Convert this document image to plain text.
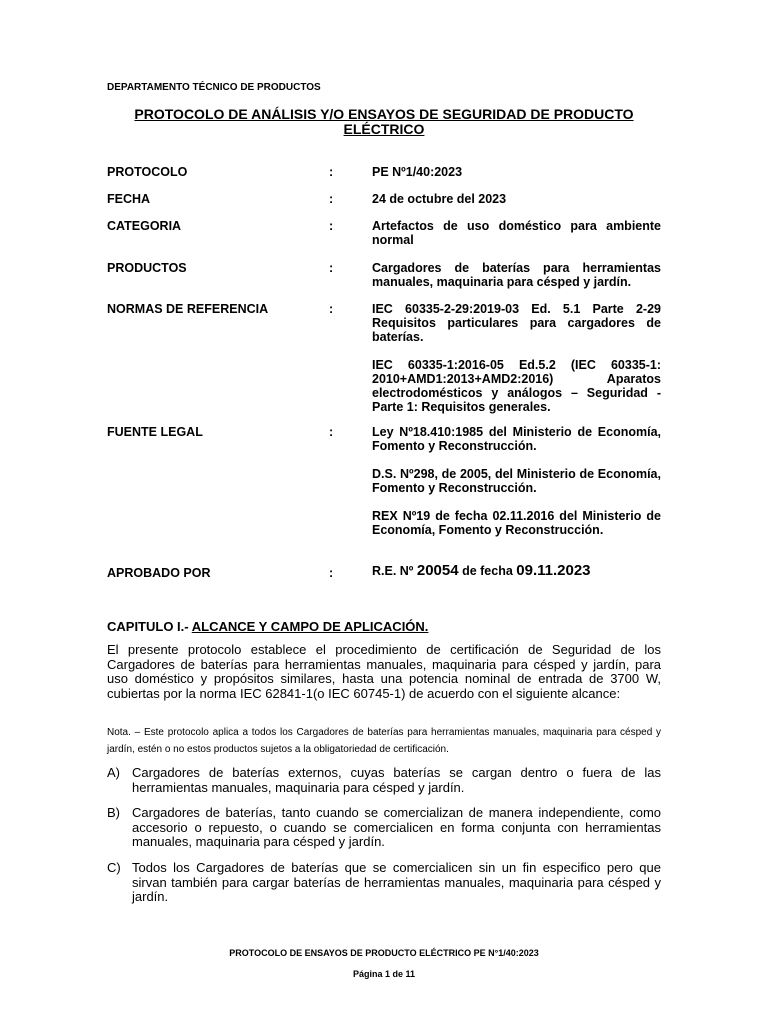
DEPARTAMENTO TÉCNICO DE PRODUCTOS
PROTOCOLO DE ANÁLISIS Y/O ENSAYOS DE SEGURIDAD DE PRODUCTO ELÉCTRICO
PROTOCOLO	:	PE Nº1/40:2023
FECHA	:	24 de octubre del 2023
CATEGORIA	:	Artefactos de uso doméstico para ambiente normal
PRODUCTOS	:	Cargadores de baterías para herramientas manuales, maquinaria para césped y jardín.
NORMAS DE REFERENCIA	:	IEC 60335-2-29:2019-03 Ed. 5.1 Parte 2-29 Requisitos particulares para cargadores de baterías.

IEC 60335-1:2016-05 Ed.5.2 (IEC 60335-1: 2010+AMD1:2013+AMD2:2016) Aparatos electrodomésticos y análogos – Seguridad - Parte 1: Requisitos generales.

FUENTE LEGAL	:	Ley Nº18.410:1985 del Ministerio de Economía, Fomento y Reconstrucción.

D.S. Nº298, de 2005, del Ministerio de Economía, Fomento y Reconstrucción.

REX Nº19 de fecha 02.11.2016 del Ministerio de Economía, Fomento y Reconstrucción.

APROBADO POR	:	R.E. Nº 20054 de fecha 09.11.2023
CAPITULO I.- ALCANCE Y CAMPO DE APLICACIÓN.

El presente protocolo establece el procedimiento de certificación de Seguridad de los Cargadores de baterías para herramientas manuales, maquinaria para césped y jardín, para uso doméstico y propósitos similares, hasta una potencia nominal de entrada de 3700 W, cubiertas por la norma IEC 62841-1(o IEC 60745-1) de acuerdo con el siguiente alcance:

Nota. – Este protocolo aplica a todos los Cargadores de baterías para herramientas manuales, maquinaria para césped y jardín, estén o no estos productos sujetos a la obligatoriedad de certificación.

A) Cargadores de baterías externos, cuyas baterías se cargan dentro o fuera de las herramientas manuales, maquinaria para césped y jardín.
B) Cargadores de baterías, tanto cuando se comercializan de manera independiente, como accesorio o repuesto, o cuando se comercialicen en forma conjunta con herramientas manuales, maquinaria para césped y jardín.
C) Todos los Cargadores de baterías que se comercialicen sin un fin especifico pero que sirvan también para cargar baterías de herramientas manuales, maquinaria para césped y jardín.
PROTOCOLO DE ENSAYOS DE PRODUCTO ELÉCTRICO PE N°1/40:2023
Página 1 de 11
